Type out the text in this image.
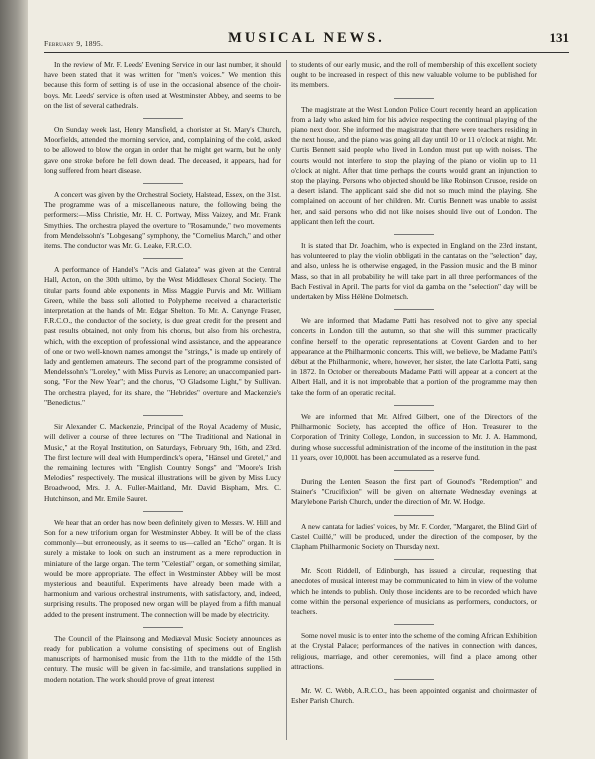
February 9, 1895.	MUSICAL NEWS.	131

In the review of Mr. F. Leeds' Evening Service in our last number, it should have been stated that it was written for "men's voices." We mention this because this form of setting is of use in the occasional absence of the choir-boys. Mr. Leeds' service is often used at Westminster Abbey, and seems to be on the list of several cathedrals.

On Sunday week last, Henry Mansfield, a chorister at St. Mary's Church, Moorfields, attended the morning service, and, complaining of the cold, asked to be allowed to blow the organ in order that he might get warm, but he only gave one stroke before he fell down dead. The deceased, it appears, had for long suffered from heart disease.

A concert was given by the Orchestral Society, Halstead, Essex, on the 31st. The programme was of a miscellaneous nature, the following being the performers:—Miss Christie, Mr. H. C. Portway, Miss Vaizey, and Mr. Frank Smythies. The orchestra played the overture to "Rosamunde," two movements from Mendelssohn's "Lobgesang" symphony, the "Cornelius March," and other items. The conductor was Mr. G. Leake, F.R.C.O.

A performance of Handel's "Acis and Galatea" was given at the Central Hall, Acton, on the 30th ultimo, by the West Middlesex Choral Society. The titular parts found able exponents in Miss Maggie Purvis and Mr. William Green, while the bass soli allotted to Polypheme received a characteristic interpretation at the hands of Mr. Edgar Shelton. To Mr. A. Canynge Fraser, F.R.C.O., the conductor of the society, is due great credit for the present and past results obtained, not only from his chorus, but also from his orchestra, which, with the exception of professional wind assistance, and the appearance of one or two well-known names amongst the "strings," is made up entirely of lady and gentlemen amateurs. The second part of the programme consisted of Mendelssohn's "Loreley," with Miss Purvis as Lenore; an unaccompanied part-song, "For the New Year"; and the chorus, "O Gladsome Light," by Sullivan. The orchestra played, for its share, the "Hebrides" overture and Mackenzie's "Benedictus."

Sir Alexander C. Mackenzie, Principal of the Royal Academy of Music, will deliver a course of three lectures on "The Traditional and National in Music," at the Royal Institution, on Saturdays, February 9th, 16th, and 23rd. The first lecture will deal with Humperdinck's opera, "Hänsel und Gretel," and the remaining lectures with "English Country Songs" and "Moore's Irish Melodies" respectively. The musical illustrations will be given by Miss Lucy Broadwood, Mrs. J. A. Fuller-Maitland, Mr. David Bispham, Mrs. C. Hutchinson, and Mr. Emile Sauret.

We hear that an order has now been definitely given to Messrs. W. Hill and Son for a new triforium organ for Westminster Abbey. It will be of the class commonly—but erroneously, as it seems to us—called an "Echo" organ. It is surely a mistake to look on such an instrument as a mere reproduction in miniature of the large organ. The term "Celestial" organ, or something similar, would be more appropriate. The effect in Westminster Abbey will be most mysterious and beautiful. Experiments have already been made with a harmonium and various orchestral instruments, with satisfactory, and, indeed, surprising results. The proposed new organ will be played from a fifth manual added to the present instrument. The connection will be made by electricity.

The Council of the Plainsong and Mediæval Music Society announces as ready for publication a volume consisting of specimens out of English manuscripts of harmonised music from the 11th to the middle of the 15th century. The music will be given in fac-simile, and translations supplied in modern notation. The work should prove of great interest

to students of our early music, and the roll of membership of this excellent society ought to be increased in respect of this new valuable volume to be published for its members.

The magistrate at the West London Police Court recently heard an application from a lady who asked him for his advice respecting the continual playing of the piano next door. She informed the magistrate that there were teachers residing in the next house, and the piano was going all day until 10 or 11 o'clock at night. Mr. Curtis Bennett said people who lived in London must put up with noises. The courts would not interfere to stop the playing of the piano or violin up to 11 o'clock at night. After that time perhaps the courts would grant an injunction to stop the playing. Persons who objected should be like Robinson Crusoe, reside on a desert island. The applicant said she did not so much mind the playing. She complained on account of her children. Mr. Curtis Bennett was unable to assist her, and said persons who did not like noises should live out of London. The applicant then left the court.

It is stated that Dr. Joachim, who is expected in England on the 23rd instant, has volunteered to play the violin obbligati in the cantatas on the "selection" day, and also, unless he is otherwise engaged, in the Passion music and the B minor Mass, so that in all probability he will take part in all three performances of the Bach Festival in April. The parts for viol da gamba on the "selection" day will be undertaken by Miss Hélène Dolmetsch.

We are informed that Madame Patti has resolved not to give any special concerts in London till the autumn, so that she will this summer practically confine herself to the operatic representations at Covent Garden and to her appearance at the Philharmonic concerts. This will, we believe, be Madame Patti's début at the Philharmonic, where, however, her sister, the late Carlotta Patti, sang in 1872. In October or thereabouts Madame Patti will appear at a concert at the Albert Hall, and it is not improbable that a portion of the programme may then take the form of an operatic recital.

We are informed that Mr. Alfred Gilbert, one of the Directors of the Philharmonic Society, has accepted the office of Hon. Treasurer to the Corporation of Trinity College, London, in succession to Mr. J. A. Hammond, during whose successful administration of the income of the institution in the past 11 years, over 10,000l. has been accumulated as a reserve fund.

During the Lenten Season the first part of Gounod's "Redemption" and Stainer's "Crucifixion" will be given on alternate Wednesday evenings at Marylebone Parish Church, under the direction of Mr. W. Hodge.

A new cantata for ladies' voices, by Mr. F. Corder, "Margaret, the Blind Girl of Castel Cuillé," will be produced, under the direction of the composer, by the Clapham Philharmonic Society on Thursday next.

Mr. Scott Riddell, of Edinburgh, has issued a circular, requesting that anecdotes of musical interest may be communicated to him in view of the volume which he intends to publish. Only those incidents are to be recorded which have come within the personal experience of musicians as performers, conductors, or teachers.

Some novel music is to enter into the scheme of the coming African Exhibition at the Crystal Palace; performances of the natives in connection with dances, religious, marriage, and other ceremonies, will find a place among other attractions.

Mr. W. C. Webb, A.R.C.O., has been appointed organist and choirmaster of Esher Parish Church.
